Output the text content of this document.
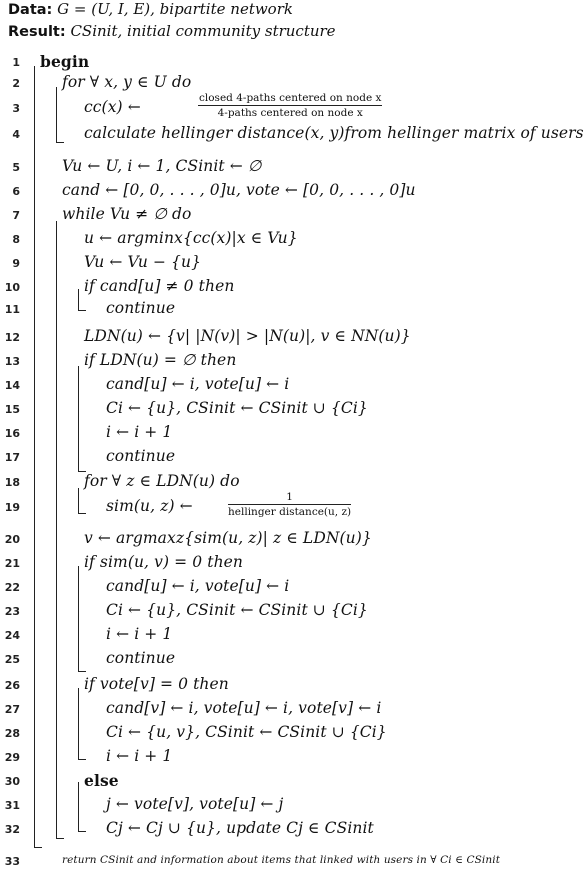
Data: G = (U, I, E), bipartite network
Result: CSinit, initial community structure
1 begin
2	for ∀ x, y ∈ U do
3	cc(x) ←	closed 4-paths centered on node x
4-paths centered on node x
4	calculate hellinger distance(x, y)from hellinger matrix of users
5	Vu ← U, i ← 1, CSinit ← ∅
6	cand ← [0, 0, . . . , 0]u, vote ← [0, 0, . . . , 0]u
7	while Vu ≠ ∅ do
8	u ← argminx{cc(x)|x ∈ Vu}
9	Vu ← Vu − {u}
10	if cand[u] ≠ 0 then
11	continue
12	LDN(u) ← {v| |N(v)| > |N(u)|, v ∈ NN(u)}
13	if LDN(u) = ∅ then
14	cand[u] ← i, vote[u] ← i
15	Ci ← {u}, CSinit ← CSinit ∪ {Ci}
16	i ← i + 1
17	continue
18	for ∀ z ∈ LDN(u) do
19	sim(u, z) ←	1
hellinger distance(u, z)
20	v ← argmaxz{sim(u, z)| z ∈ LDN(u)}
21	if sim(u, v) = 0 then
22	cand[u] ← i, vote[u] ← i
23	Ci ← {u}, CSinit ← CSinit ∪ {Ci}
24	i ← i + 1
25	continue
26	if vote[v] = 0 then
27	cand[v] ← i, vote[u] ← i, vote[v] ← i
28	Ci ← {u, v}, CSinit ← CSinit ∪ {Ci}
29	i ← i + 1
30	else
31	j ← vote[v], vote[u] ← j
32	Cj ← Cj ∪ {u}, update Cj ∈ CSinit
33	return CSinit and information about items that linked with users in ∀ Ci ∈ CSinit
